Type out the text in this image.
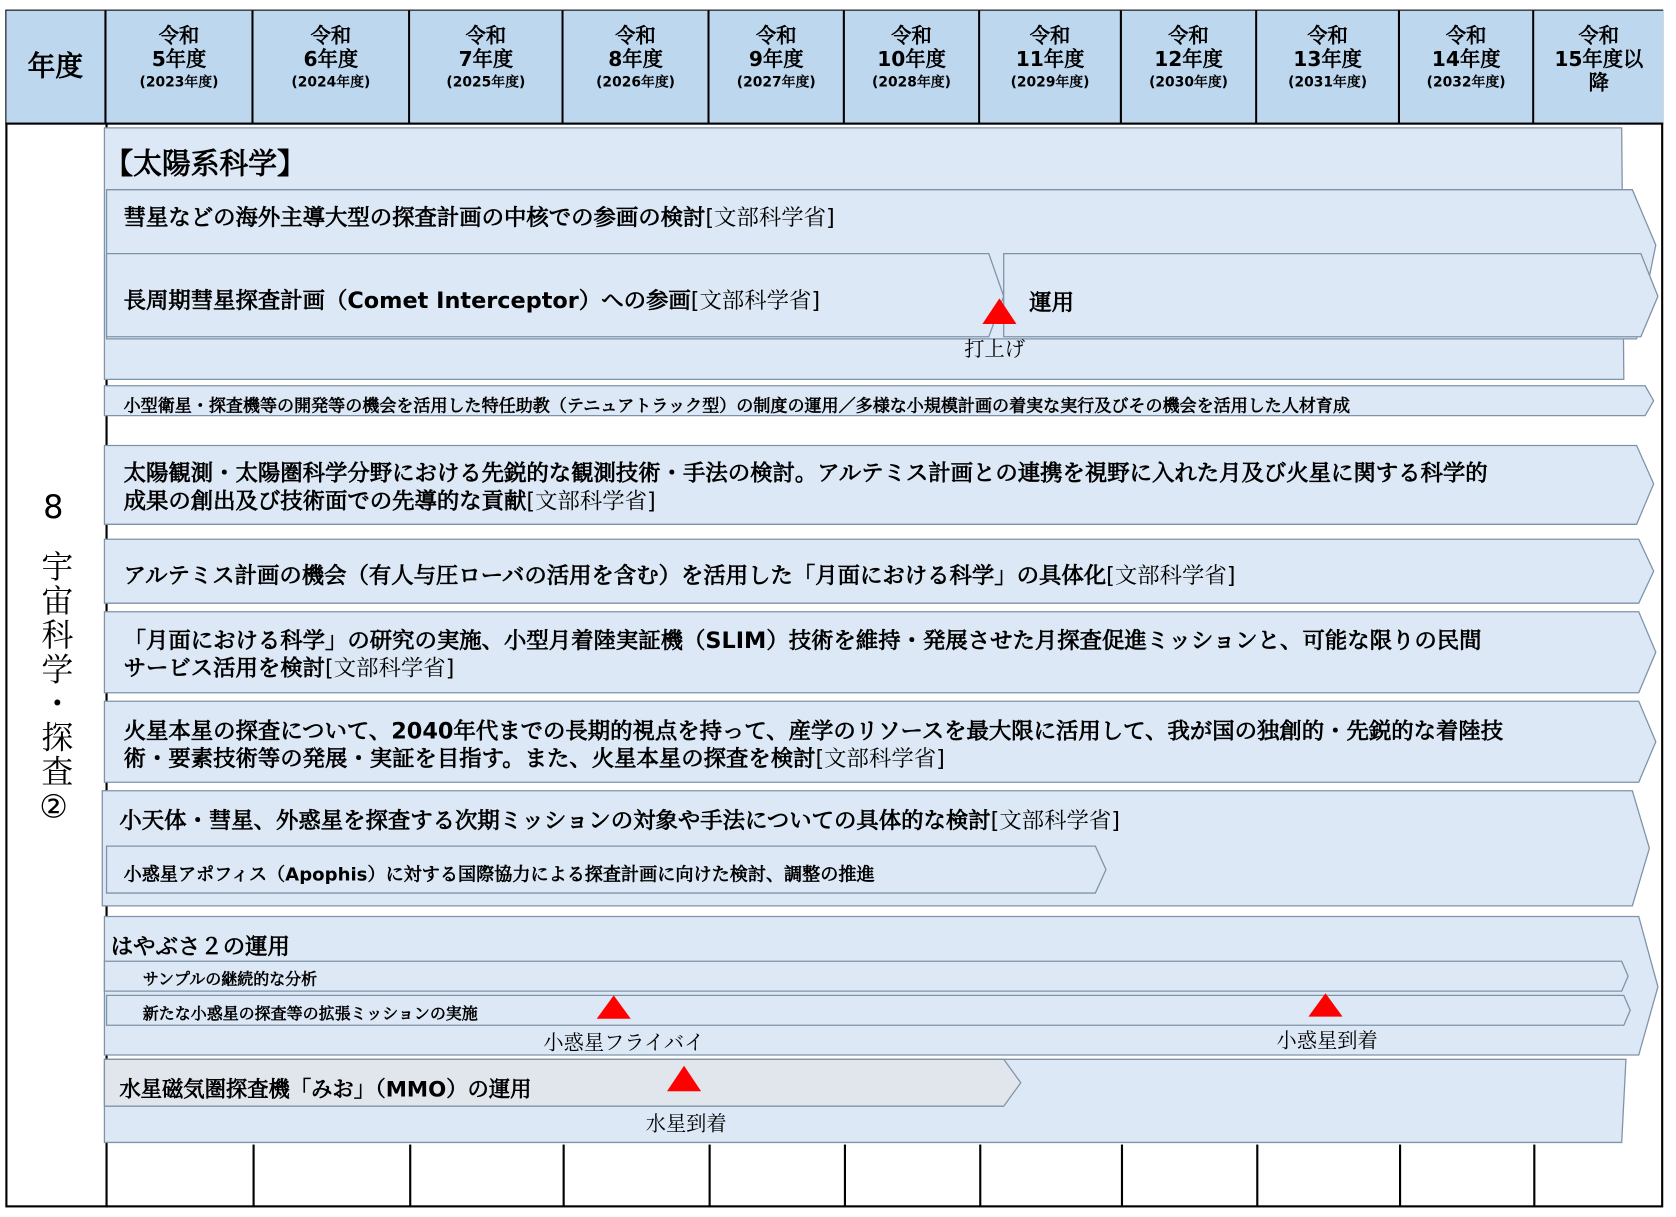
年度
令和
5年度
(2023年度)
令和
6年度
(2024年度)
令和
7年度
(2025年度)
令和
8年度
(2026年度)
令和
9年度
(2027年度)
令和
10年度
(2028年度)
令和
11年度
(2029年度)
令和
12年度
(2030年度)
令和
13年度
(2031年度)
令和
14年度
(2032年度)
令和
15年度以
降
8
宇宙科学・探査②
【太陽系科学】
彗星などの海外主導大型の探査計画の中核での参画の検討[文部科学省]
長周期彗星探査計画（Comet Interceptor）への参画[文部科学省]	運用
打上げ
小型衛星・探査機等の開発等の機会を活用した特任助教（テニュアトラック型）の制度の運用／多様な小規模計画の着実な実行及びその機会を活用した人材育成
太陽観測・太陽圏科学分野における先鋭的な観測技術・手法の検討。アルテミス計画との連携を視野に入れた月及び火星に関する科学的
成果の創出及び技術面での先導的な貢献[文部科学省]
アルテミス計画の機会（有人与圧ローバの活用を含む）を活用した「月面における科学」の具体化[文部科学省]
「月面における科学」の研究の実施、小型月着陸実証機（SLIM）技術を維持・発展させた月探査促進ミッションと、可能な限りの民間
サービス活用を検討[文部科学省]
火星本星の探査について、2040年代までの長期的視点を持って、産学のリソースを最大限に活用して、我が国の独創的・先鋭的な着陸技
術・要素技術等の発展・実証を目指す。また、火星本星の探査を検討[文部科学省]
小天体・彗星、外惑星を探査する次期ミッションの対象や手法についての具体的な検討[文部科学省]
小惑星アポフィス（Apophis）に対する国際協力による探査計画に向けた検討、調整の推進
はやぶさ２の運用
サンプルの継続的な分析
新たな小惑星の探査等の拡張ミッションの実施
小惑星フライバイ	小惑星到着
水星磁気圏探査機「みお」（MMO）の運用
水星到着
